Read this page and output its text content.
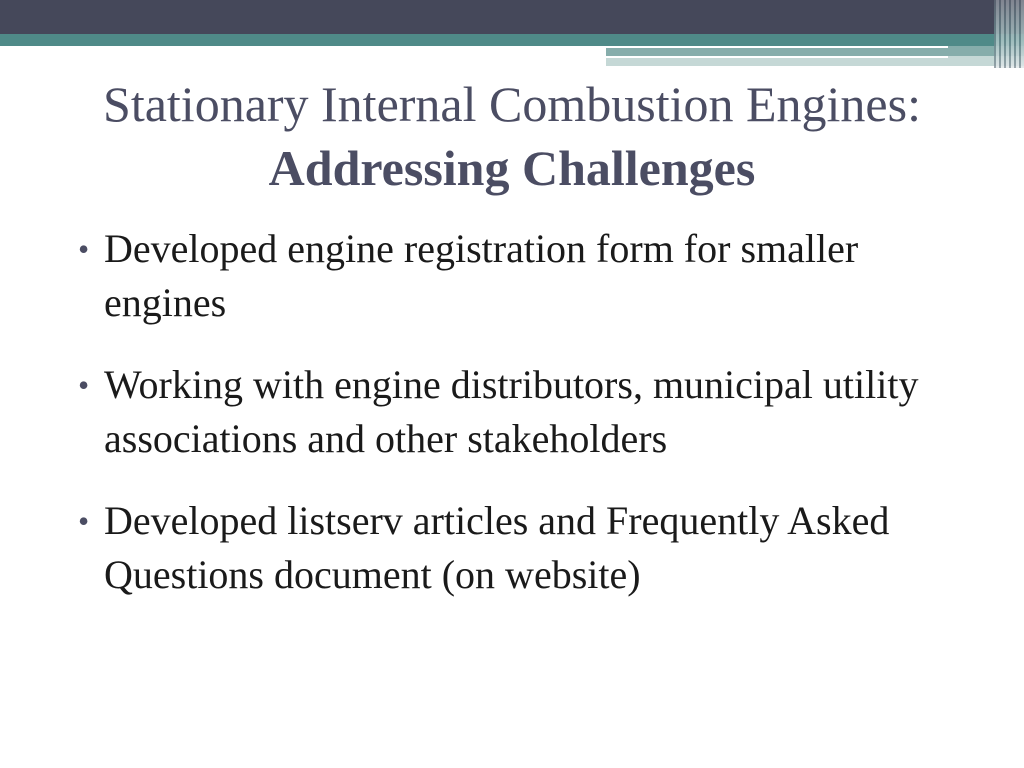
Stationary Internal Combustion Engines: Addressing Challenges
• Developed engine registration form for smaller engines
• Working with engine distributors, municipal utility associations and other stakeholders
• Developed listserv articles and Frequently Asked Questions document (on website)
